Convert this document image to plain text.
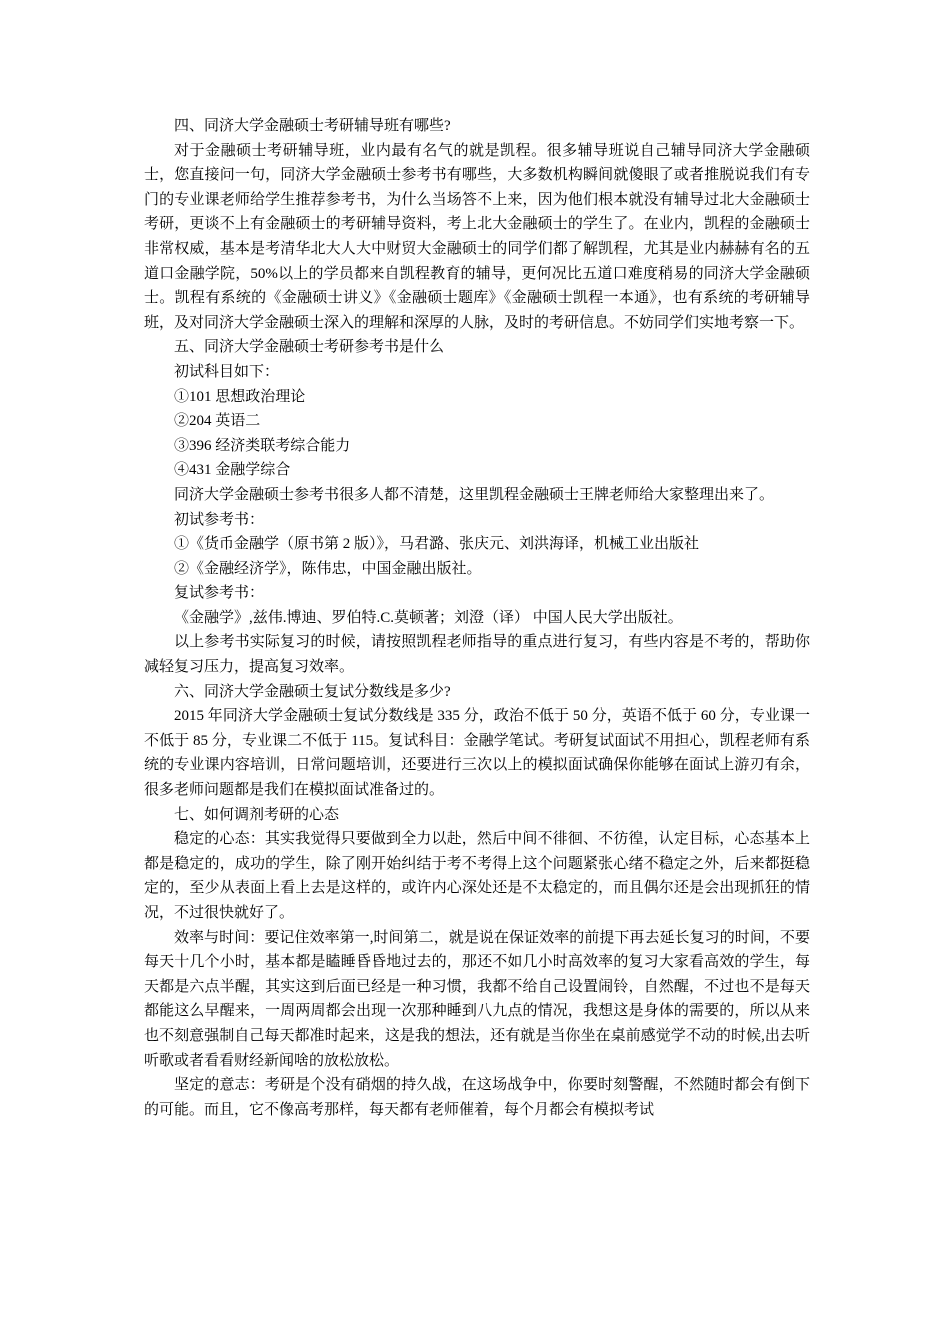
四、同济大学金融硕士考研辅导班有哪些?

对于金融硕士考研辅导班，业内最有名气的就是凯程。很多辅导班说自己辅导同济大学金融硕士，您直接问一句，同济大学金融硕士参考书有哪些，大多数机构瞬间就傻眼了或者推脱说我们有专门的专业课老师给学生推荐参考书，为什么当场答不上来，因为他们根本就没有辅导过北大金融硕士考研，更谈不上有金融硕士的考研辅导资料，考上北大金融硕士的学生了。在业内，凯程的金融硕士非常权威，基本是考清华北大人大中财贸大金融硕士的同学们都了解凯程，尤其是业内赫赫有名的五道口金融学院，50%以上的学员都来自凯程教育的辅导，更何况比五道口难度稍易的同济大学金融硕士。凯程有系统的《金融硕士讲义》《金融硕士题库》《金融硕士凯程一本通》，也有系统的考研辅导班，及对同济大学金融硕士深入的理解和深厚的人脉，及时的考研信息。不妨同学们实地考察一下。

五、同济大学金融硕士考研参考书是什么

初试科目如下：

①101 思想政治理论

②204 英语二

③396 经济类联考综合能力

④431 金融学综合

同济大学金融硕士参考书很多人都不清楚，这里凯程金融硕士王牌老师给大家整理出来了。

初试参考书：

①《货币金融学（原书第 2 版）》，马君潞、张庆元、刘洪海译，机械工业出版社

②《金融经济学》，陈伟忠，中国金融出版社。

复试参考书：

《金融学》,兹伟.博迪、罗伯特.C.莫顿著；刘澄（译） 中国人民大学出版社。

以上参考书实际复习的时候，请按照凯程老师指导的重点进行复习，有些内容是不考的，帮助你减轻复习压力，提高复习效率。

六、同济大学金融硕士复试分数线是多少?

2015 年同济大学金融硕士复试分数线是 335 分，政治不低于 50 分，英语不低于 60 分，专业课一不低于 85 分，专业课二不低于 115。复试科目：金融学笔试。考研复试面试不用担心，凯程老师有系统的专业课内容培训，日常问题培训，还要进行三次以上的模拟面试确保你能够在面试上游刃有余，很多老师问题都是我们在模拟面试准备过的。

七、如何调剂考研的心态

稳定的心态：其实我觉得只要做到全力以赴，然后中间不徘徊、不彷徨，认定目标，心态基本上都是稳定的，成功的学生，除了刚开始纠结于考不考得上这个问题紧张心绪不稳定之外，后来都挺稳定的，至少从表面上看上去是这样的，或许内心深处还是不太稳定的，而且偶尔还是会出现抓狂的情况，不过很快就好了。

效率与时间：要记住效率第一,时间第二，就是说在保证效率的前提下再去延长复习的时间，不要每天十几个小时，基本都是瞌睡昏昏地过去的，那还不如几小时高效率的复习大家看高效的学生，每天都是六点半醒，其实这到后面已经是一种习惯，我都不给自己设置闹铃，自然醒，不过也不是每天都能这么早醒来，一周两周都会出现一次那种睡到八九点的情况，我想这是身体的需要的，所以从来也不刻意强制自己每天都准时起来，这是我的想法，还有就是当你坐在桌前感觉学不动的时候,出去听听歌或者看看财经新闻啥的放松放松。

坚定的意志：考研是个没有硝烟的持久战，在这场战争中，你要时刻警醒，不然随时都会有倒下的可能。而且，它不像高考那样，每天都有老师催着，每个月都会有模拟考试
